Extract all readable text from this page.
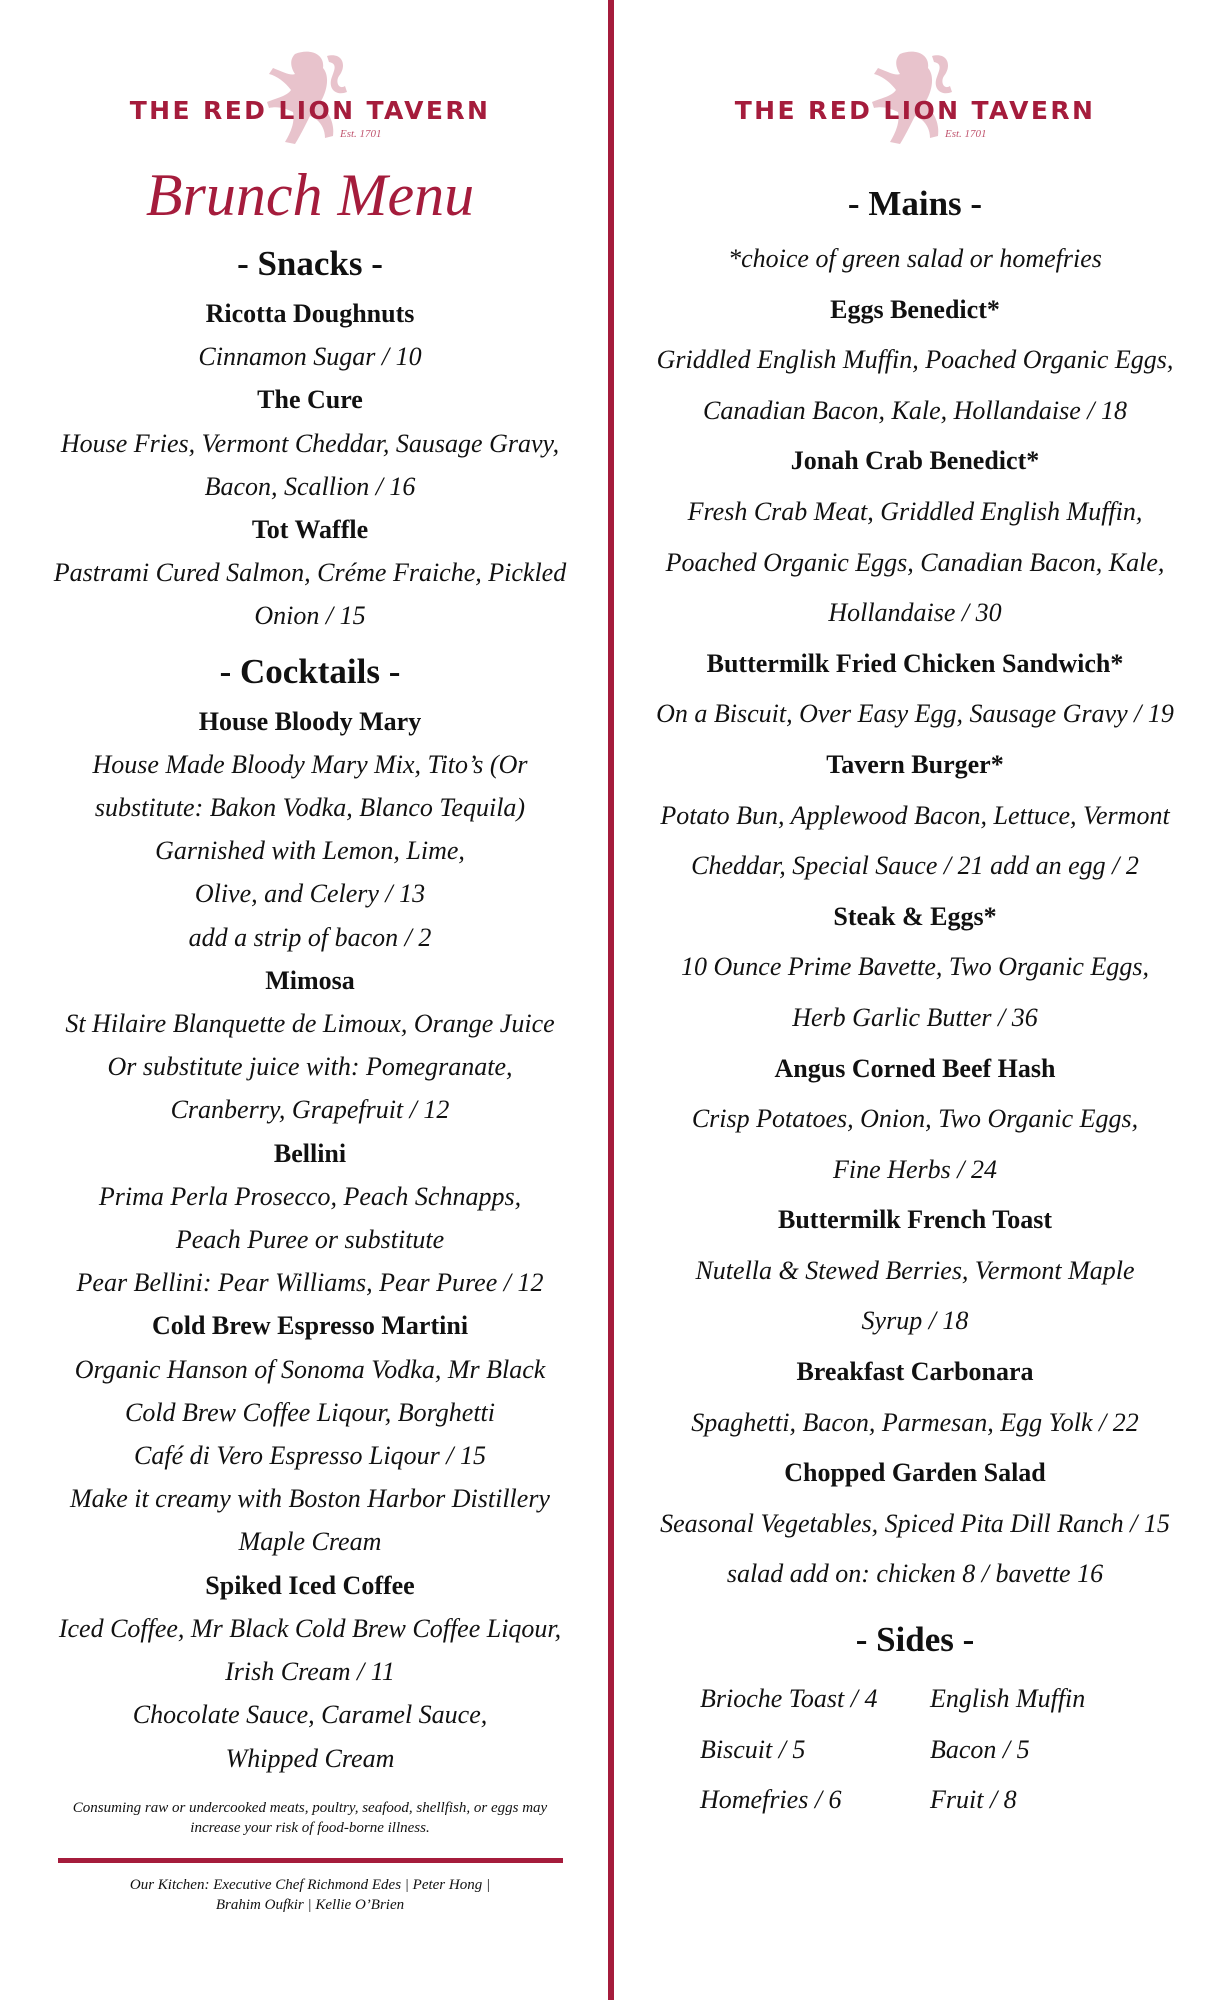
THE RED LION TAVERN
Est. 1701
Brunch Menu
- Snacks -
Ricotta Doughnuts
Cinnamon Sugar / 10
The Cure
House Fries, Vermont Cheddar, Sausage Gravy,
Bacon, Scallion / 16
Tot Waffle
Pastrami Cured Salmon, Créme Fraiche, Pickled
Onion / 15
- Cocktails -
House Bloody Mary
House Made Bloody Mary Mix, Tito’s (Or
substitute: Bakon Vodka, Blanco Tequila)
Garnished with Lemon, Lime,
Olive, and Celery / 13
add a strip of bacon / 2
Mimosa
St Hilaire Blanquette de Limoux, Orange Juice
Or substitute juice with: Pomegranate,
Cranberry, Grapefruit / 12
Bellini
Prima Perla Prosecco, Peach Schnapps,
Peach Puree or substitute
Pear Bellini: Pear Williams, Pear Puree / 12
Cold Brew Espresso Martini
Organic Hanson of Sonoma Vodka, Mr Black
Cold Brew Coffee Liqour, Borghetti
Café di Vero Espresso Liqour / 15
Make it creamy with Boston Harbor Distillery
Maple Cream
Spiked Iced Coffee
Iced Coffee, Mr Black Cold Brew Coffee Liqour,
Irish Cream / 11
Chocolate Sauce, Caramel Sauce,
Whipped Cream
Consuming raw or undercooked meats, poultry, seafood, shellfish, or eggs may
increase your risk of food-borne illness.
Our Kitchen: Executive Chef Richmond Edes | Peter Hong |
Brahim Oufkir | Kellie O’Brien
THE RED LION TAVERN
Est. 1701
- Mains -
*choice of green salad or homefries
Eggs Benedict*
Griddled English Muffin, Poached Organic Eggs,
Canadian Bacon, Kale, Hollandaise / 18
Jonah Crab Benedict*
Fresh Crab Meat, Griddled English Muffin,
Poached Organic Eggs, Canadian Bacon, Kale,
Hollandaise / 30
Buttermilk Fried Chicken Sandwich*
On a Biscuit, Over Easy Egg, Sausage Gravy / 19
Tavern Burger*
Potato Bun, Applewood Bacon, Lettuce, Vermont
Cheddar, Special Sauce / 21 add an egg / 2
Steak & Eggs*
10 Ounce Prime Bavette, Two Organic Eggs,
Herb Garlic Butter / 36
Angus Corned Beef Hash
Crisp Potatoes, Onion, Two Organic Eggs,
Fine Herbs / 24
Buttermilk French Toast
Nutella & Stewed Berries, Vermont Maple
Syrup / 18
Breakfast Carbonara
Spaghetti, Bacon, Parmesan, Egg Yolk / 22
Chopped Garden Salad
Seasonal Vegetables, Spiced Pita Dill Ranch / 15
salad add on: chicken 8 / bavette 16
- Sides -
Brioche Toast / 4	English Muffin
Biscuit / 5	Bacon / 5
Homefries / 6	Fruit / 8
